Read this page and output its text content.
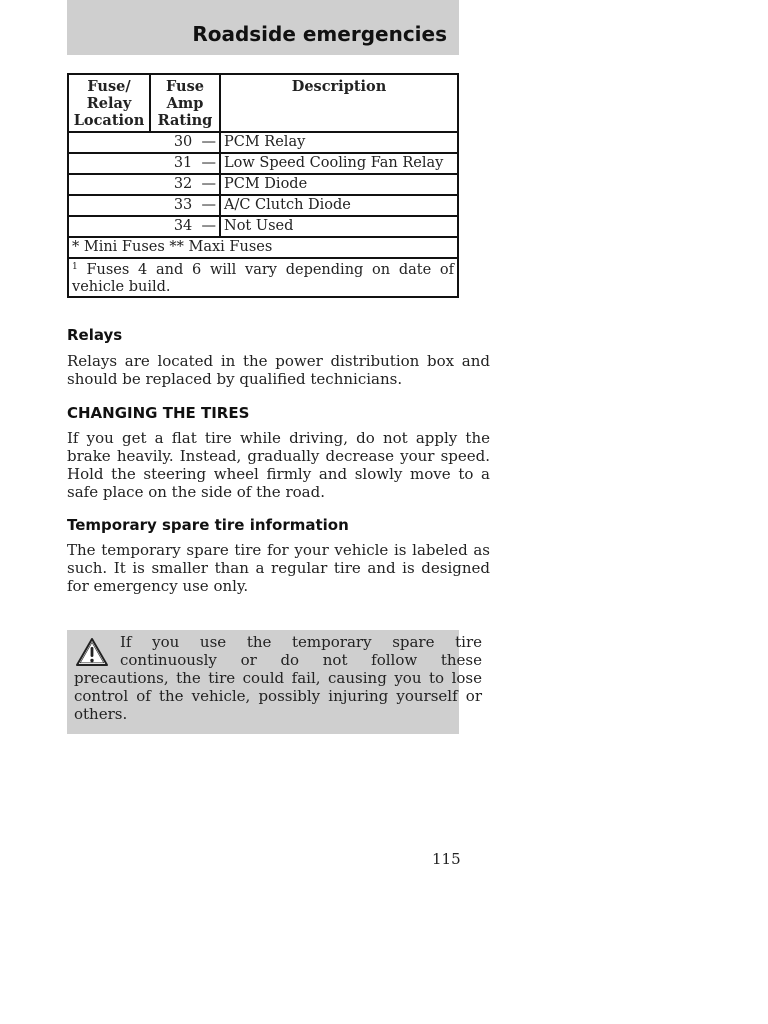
Roadside emergencies
Fuse/ Relay Location	Fuse Amp Rating	Description
30 —		PCM Relay
31 —		Low Speed Cooling Fan Relay
32 —		PCM Diode
33 —		A/C Clutch Diode
34 —		Not Used
* Mini Fuses ** Maxi Fuses		
$^1$ Fuses 4 and 6 will vary depending on date of vehicle build.		
Relays
Relays are located in the power distribution box and should be replaced by qualified technicians.
CHANGING THE TIRES
If you get a flat tire while driving, do not apply the brake heavily. Instead, gradually decrease your speed. Hold the steering wheel firmly and slowly move to a safe place on the side of the road.
Temporary spare tire information
The temporary spare tire for your vehicle is labeled as such. It is smaller than a regular tire and is designed for emergency use only.
If you use the temporary spare tire continuously or do not follow these precautions, the tire could fail, causing you to lose control of the vehicle, possibly injuring yourself or others.
115
